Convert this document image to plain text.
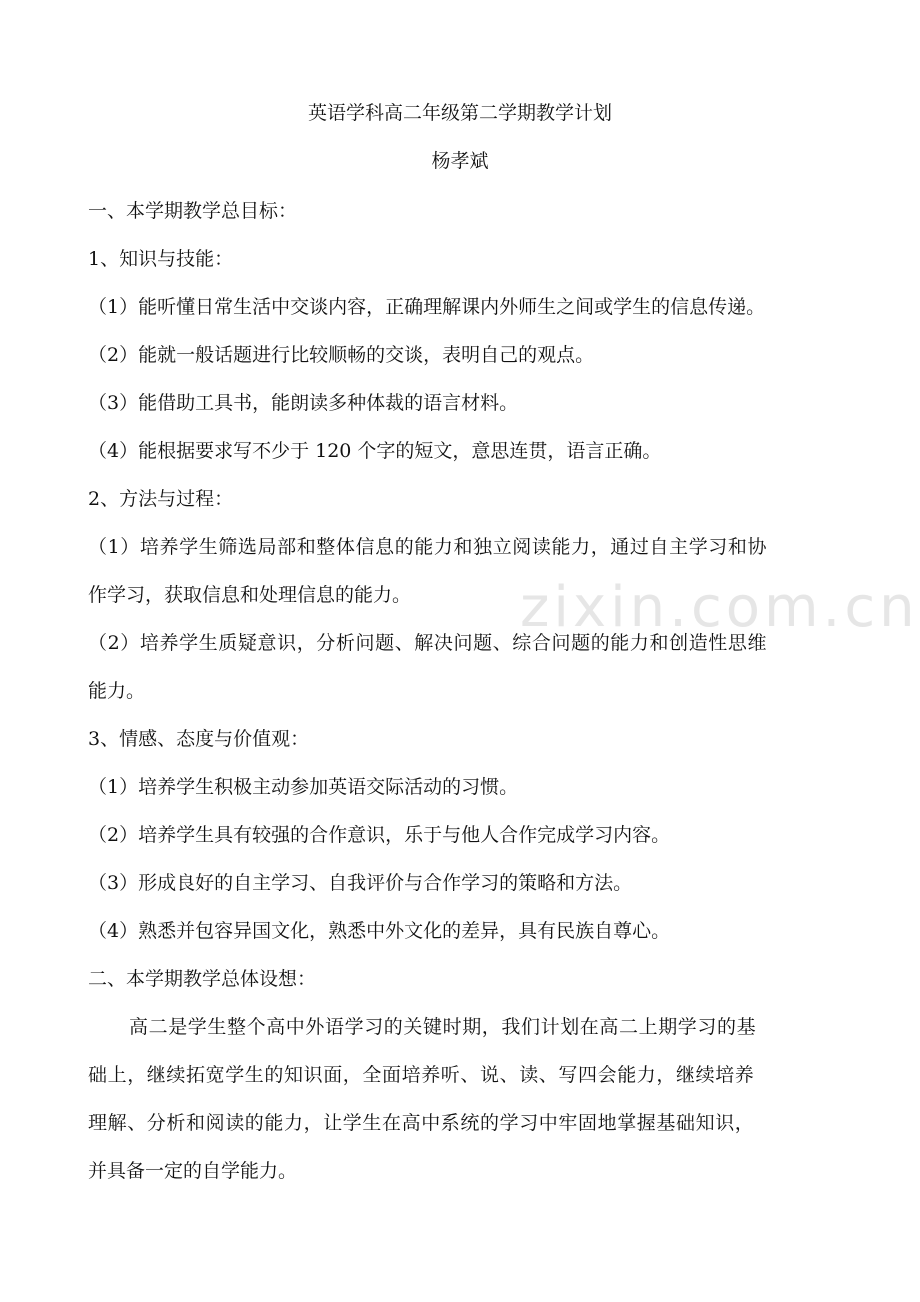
zixin.com.cn
英语学科高二年级第二学期教学计划
杨孝斌
一、本学期教学总目标：
1、知识与技能：
（1）能听懂日常生活中交谈内容，正确理解课内外师生之间或学生的信息传递。
（2）能就一般话题进行比较顺畅的交谈，表明自己的观点。
（3）能借助工具书，能朗读多种体裁的语言材料。
（4）能根据要求写不少于 120 个字的短文，意思连贯，语言正确。
2、方法与过程：
（1）培养学生筛选局部和整体信息的能力和独立阅读能力，通过自主学习和协
作学习，获取信息和处理信息的能力。
（2）培养学生质疑意识，分析问题、解决问题、综合问题的能力和创造性思维
能力。
3、情感、态度与价值观：
（1）培养学生积极主动参加英语交际活动的习惯。
（2）培养学生具有较强的合作意识，乐于与他人合作完成学习内容。
（3）形成良好的自主学习、自我评价与合作学习的策略和方法。
（4）熟悉并包容异国文化，熟悉中外文化的差异，具有民族自尊心。
二、本学期教学总体设想：
高二是学生整个高中外语学习的关键时期，我们计划在高二上期学习的基
础上，继续拓宽学生的知识面，全面培养听、说、读、写四会能力，继续培养
理解、分析和阅读的能力，让学生在高中系统的学习中牢固地掌握基础知识，
并具备一定的自学能力。
